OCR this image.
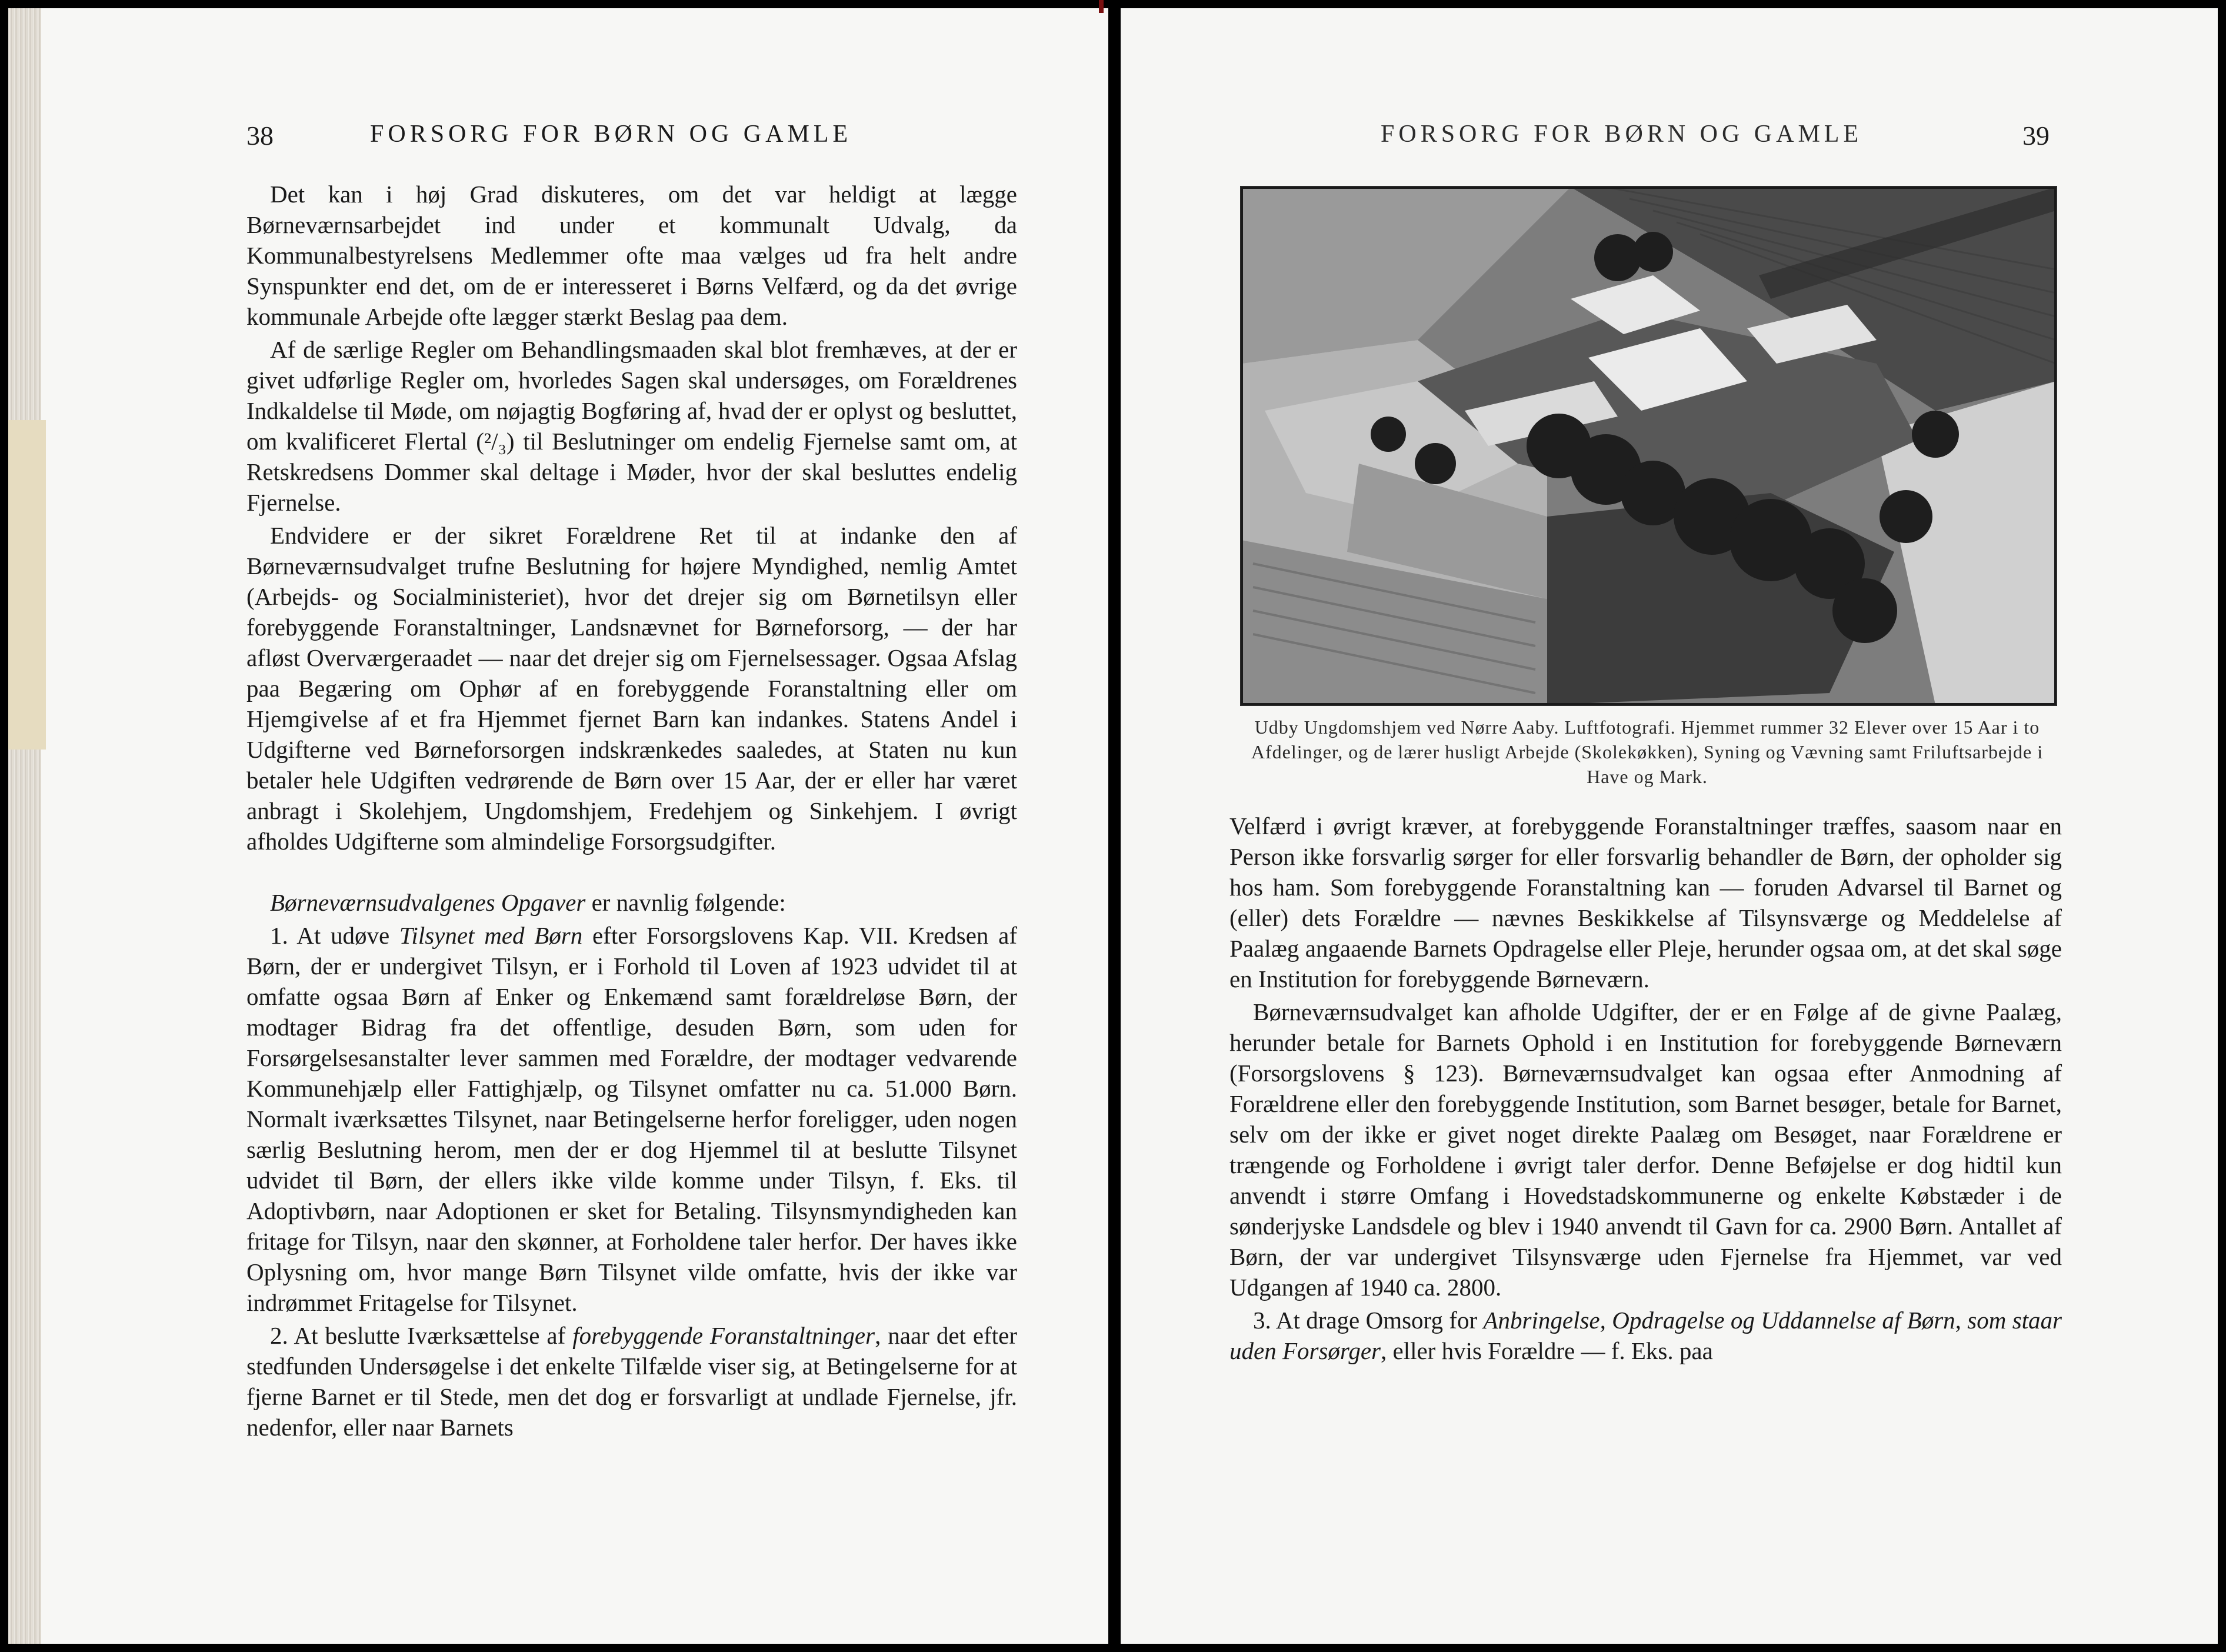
38	FORSORG FOR BØRN OG GAMLE

Det kan i høj Grad diskuteres, om det var heldigt at lægge Børneværnsarbejdet ind under et kommunalt Udvalg, da Kommunalbestyrelsens Medlemmer ofte maa vælges ud fra helt andre Synspunkter end det, om de er interesseret i Børns Velfærd, og da det øvrige kommunale Arbejde ofte lægger stærkt Beslag paa dem.

Af de særlige Regler om Behandlingsmaaden skal blot fremhæves, at der er givet udførlige Regler om, hvorledes Sagen skal undersøges, om Forældrenes Indkaldelse til Møde, om nøjagtig Bogføring af, hvad der er oplyst og besluttet, om kvalificeret Flertal (²/₃) til Beslutninger om endelig Fjernelse samt om, at Retskredsens Dommer skal deltage i Møder, hvor der skal besluttes endelig Fjernelse.

Endvidere er der sikret Forældrene Ret til at indanke den af Børneværnsudvalget trufne Beslutning for højere Myndighed, nemlig Amtet (Arbejds- og Socialministeriet), hvor det drejer sig om Børnetilsyn eller forebyggende Foranstaltninger, Landsnævnet for Børneforsorg, — der har afløst Overværgeraadet — naar det drejer sig om Fjernelsessager. Ogsaa Afslag paa Begæring om Ophør af en forebyggende Foranstaltning eller om Hjemgivelse af et fra Hjemmet fjernet Barn kan indankes. Statens Andel i Udgifterne ved Børneforsorgen indskrænkedes saaledes, at Staten nu kun betaler hele Udgiften vedrørende de Børn over 15 Aar, der er eller har været anbragt i Skolehjem, Ungdomshjem, Fredehjem og Sinkehjem. I øvrigt afholdes Udgifterne som almindelige Forsorgsudgifter.

Børneværnsudvalgenes Opgaver er navnlig følgende:

1. At udøve Tilsynet med Børn efter Forsorgslovens Kap. VII. Kredsen af Børn, der er undergivet Tilsyn, er i Forhold til Loven af 1923 udvidet til at omfatte ogsaa Børn af Enker og Enkemænd samt forældreløse Børn, der modtager Bidrag fra det offentlige, desuden Børn, som uden for Forsørgelsesanstalter lever sammen med Forældre, der modtager vedvarende Kommunehjælp eller Fattighjælp, og Tilsynet omfatter nu ca. 51.000 Børn. Normalt iværksættes Tilsynet, naar Betingelserne herfor foreligger, uden nogen særlig Beslutning herom, men der er dog Hjemmel til at beslutte Tilsynet udvidet til Børn, der ellers ikke vilde komme under Tilsyn, f. Eks. til Adoptivbørn, naar Adoptionen er sket for Betaling. Tilsynsmyndigheden kan fritage for Tilsyn, naar den skønner, at Forholdene taler herfor. Der haves ikke Oplysning om, hvor mange Børn Tilsynet vilde omfatte, hvis der ikke var indrømmet Fritagelse for Tilsynet.

2. At beslutte Iværksættelse af forebyggende Foranstaltninger, naar det efter stedfunden Undersøgelse i det enkelte Tilfælde viser sig, at Betingelserne for at fjerne Barnet er til Stede, men det dog er forsvarligt at undlade Fjernelse, jfr. nedenfor, eller naar Barnets

FORSORG FOR BØRN OG GAMLE	39
Udby Ungdomshjem ved Nørre Aaby. Luftfotografi. Hjemmet rummer 32 Elever over 15 Aar i to Afdelinger, og de lærer husligt Arbejde (Skolekøkken), Syning og Vævning samt Friluftsarbejde i Have og Mark.

Velfærd i øvrigt kræver, at forebyggende Foranstaltninger træffes, saasom naar en Person ikke forsvarlig sørger for eller forsvarlig behandler de Børn, der opholder sig hos ham. Som forebyggende Foranstaltning kan — foruden Advarsel til Barnet og (eller) dets Forældre — nævnes Beskikkelse af Tilsynsværge og Meddelelse af Paalæg angaaende Barnets Opdragelse eller Pleje, herunder ogsaa om, at det skal søge en Institution for forebyggende Børneværn.

Børneværnsudvalget kan afholde Udgifter, der er en Følge af de givne Paalæg, herunder betale for Barnets Ophold i en Institution for forebyggende Børneværn (Forsorgslovens § 123). Børneværnsudvalget kan ogsaa efter Anmodning af Forældrene eller den forebyggende Institution, som Barnet besøger, betale for Barnet, selv om der ikke er givet noget direkte Paalæg om Besøget, naar Forældrene er trængende og Forholdene i øvrigt taler derfor. Denne Beføjelse er dog hidtil kun anvendt i større Omfang i Hovedstadskommunerne og enkelte Købstæder i de sønderjyske Landsdele og blev i 1940 anvendt til Gavn for ca. 2900 Børn. Antallet af Børn, der var undergivet Tilsynsværge uden Fjernelse fra Hjemmet, var ved Udgangen af 1940 ca. 2800.

3. At drage Omsorg for Anbringelse, Opdragelse og Uddannelse af Børn, som staar uden Forsørger, eller hvis Forældre — f. Eks. paa
